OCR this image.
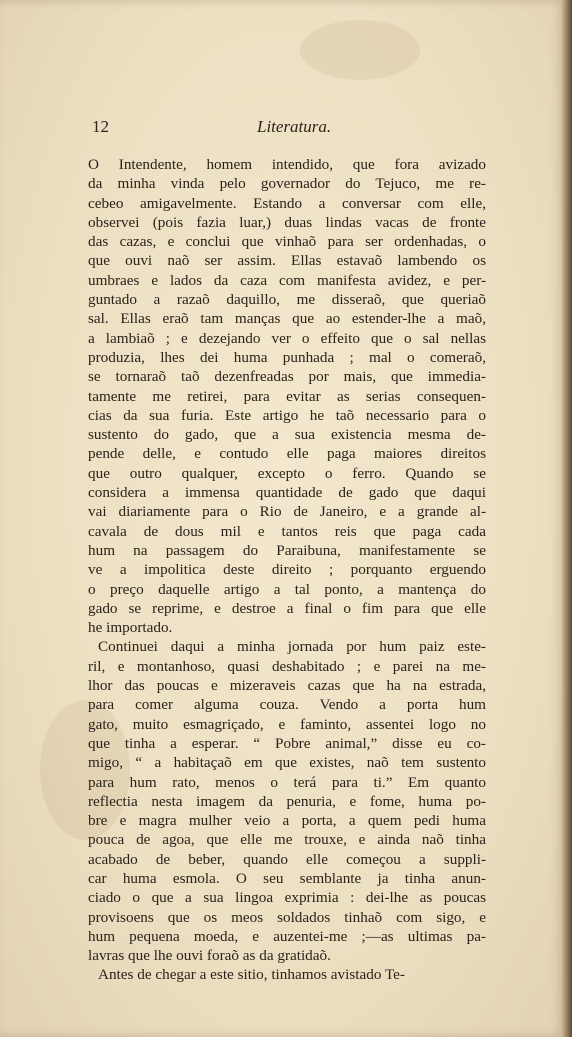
12	Literatura.
O Intendente, homem intendido, que fora avizado
da minha vinda pelo governador do Tejuco, me re-
cebeo amigavelmente. Estando a conversar com elle,
observei (pois fazia luar,) duas lindas vacas de fronte
das cazas, e conclui que vinhaõ para ser ordenhadas, o
que ouvi naõ ser assim. Ellas estavaõ lambendo os
umbraes e lados da caza com manifesta avidez, e per-
guntado a razaõ daquillo, me disseraõ, que queriaõ
sal. Ellas eraõ tam manças que ao estender-lhe a maõ,
a lambiaõ ; e dezejando ver o effeito que o sal nellas
produzia, lhes dei huma punhada ; mal o comeraõ,
se tornaraõ taõ dezenfreadas por mais, que immedia-
tamente me retirei, para evitar as serias consequen-
cias da sua furia. Este artigo he taõ necessario para o
sustento do gado, que a sua existencia mesma de-
pende delle, e contudo elle paga maiores direitos
que outro qualquer, excepto o ferro. Quando se
considera a immensa quantidade de gado que daqui
vai diariamente para o Rio de Janeiro, e a grande al-
cavala de dous mil e tantos reis que paga cada
hum na passagem do Paraibuna, manifestamente se
ve a impolitica deste direito ; porquanto erguendo
o preço daquelle artigo a tal ponto, a mantença do
gado se reprime, e destroe a final o fim para que elle
he importado.
Continuei daqui a minha jornada por hum paiz este-
ril, e montanhoso, quasi deshabitado ; e parei na me-
lhor das poucas e mizeraveis cazas que ha na estrada,
para comer alguma couza. Vendo a porta hum
gato, muito esmagriçado, e faminto, assentei logo no
que tinha a esperar. “ Pobre animal,” disse eu co-
migo, “ a habitaçaõ em que existes, naõ tem sustento
para hum rato, menos o terá para ti.” Em quanto
reflectia nesta imagem da penuria, e fome, huma po-
bre e magra mulher veio a porta, a quem pedi huma
pouca de agoa, que elle me trouxe, e ainda naõ tinha
acabado de beber, quando elle começou a suppli-
car huma esmola. O seu semblante ja tinha anun-
ciado o que a sua lingoa exprimia : dei-lhe as poucas
provisoens que os meos soldados tinhaõ com sigo, e
hum pequena moeda, e auzentei-me ;—as ultimas pa-
lavras que lhe ouvi foraõ as da gratidaõ.
Antes de chegar a este sitio, tinhamos avistado Te-
